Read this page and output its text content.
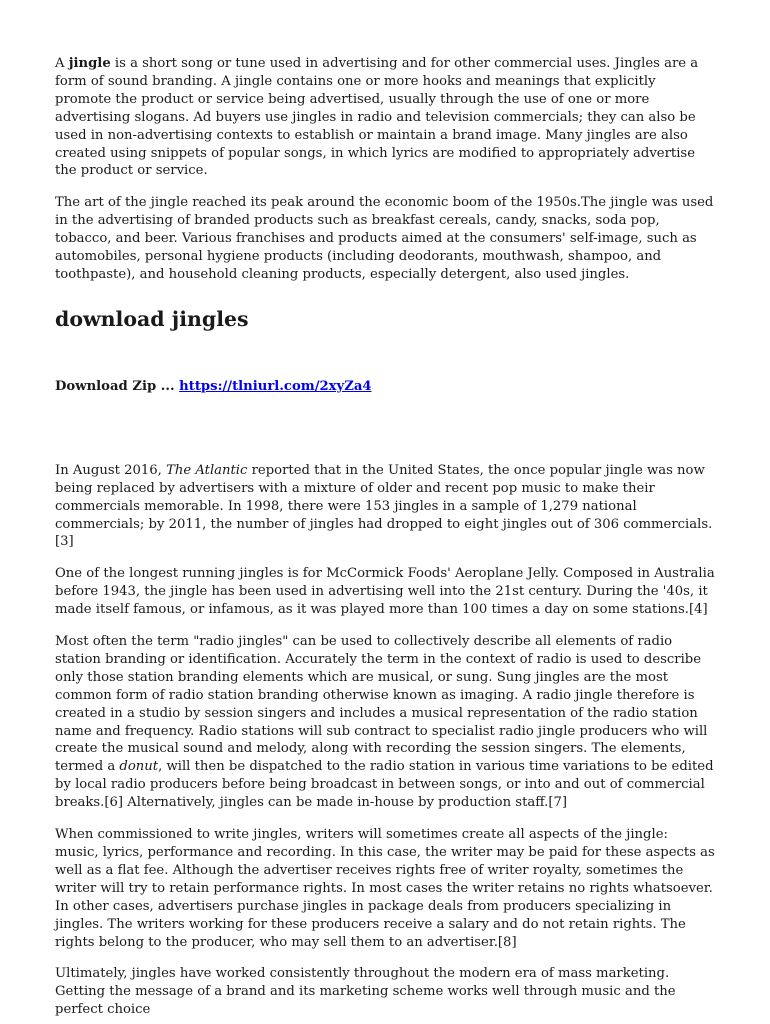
A jingle is a short song or tune used in advertising and for other commercial uses. Jingles are a form of sound branding. A jingle contains one or more hooks and meanings that explicitly promote the product or service being advertised, usually through the use of one or more advertising slogans. Ad buyers use jingles in radio and television commercials; they can also be used in non-advertising contexts to establish or maintain a brand image. Many jingles are also created using snippets of popular songs, in which lyrics are modified to appropriately advertise the product or service.

The art of the jingle reached its peak around the economic boom of the 1950s.The jingle was used in the advertising of branded products such as breakfast cereals, candy, snacks, soda pop, tobacco, and beer. Various franchises and products aimed at the consumers' self-image, such as automobiles, personal hygiene products (including deodorants, mouthwash, shampoo, and toothpaste), and household cleaning products, especially detergent, also used jingles.

download jingles

Download Zip ... https://tlniurl.com/2xyZa4

In August 2016, The Atlantic reported that in the United States, the once popular jingle was now being replaced by advertisers with a mixture of older and recent pop music to make their commercials memorable. In 1998, there were 153 jingles in a sample of 1,279 national commercials; by 2011, the number of jingles had dropped to eight jingles out of 306 commercials.[3]

One of the longest running jingles is for McCormick Foods' Aeroplane Jelly. Composed in Australia before 1943, the jingle has been used in advertising well into the 21st century. During the '40s, it made itself famous, or infamous, as it was played more than 100 times a day on some stations.[4]

Most often the term "radio jingles" can be used to collectively describe all elements of radio station branding or identification. Accurately the term in the context of radio is used to describe only those station branding elements which are musical, or sung. Sung jingles are the most common form of radio station branding otherwise known as imaging. A radio jingle therefore is created in a studio by session singers and includes a musical representation of the radio station name and frequency. Radio stations will sub contract to specialist radio jingle producers who will create the musical sound and melody, along with recording the session singers. The elements, termed a donut, will then be dispatched to the radio station in various time variations to be edited by local radio producers before being broadcast in between songs, or into and out of commercial breaks.[6] Alternatively, jingles can be made in-house by production staff.[7]

When commissioned to write jingles, writers will sometimes create all aspects of the jingle: music, lyrics, performance and recording. In this case, the writer may be paid for these aspects as well as a flat fee. Although the advertiser receives rights free of writer royalty, sometimes the writer will try to retain performance rights. In most cases the writer retains no rights whatsoever. In other cases, advertisers purchase jingles in package deals from producers specializing in jingles. The writers working for these producers receive a salary and do not retain rights. The rights belong to the producer, who may sell them to an advertiser.[8]

Ultimately, jingles have worked consistently throughout the modern era of mass marketing. Getting the message of a brand and its marketing scheme works well through music and the perfect choice
